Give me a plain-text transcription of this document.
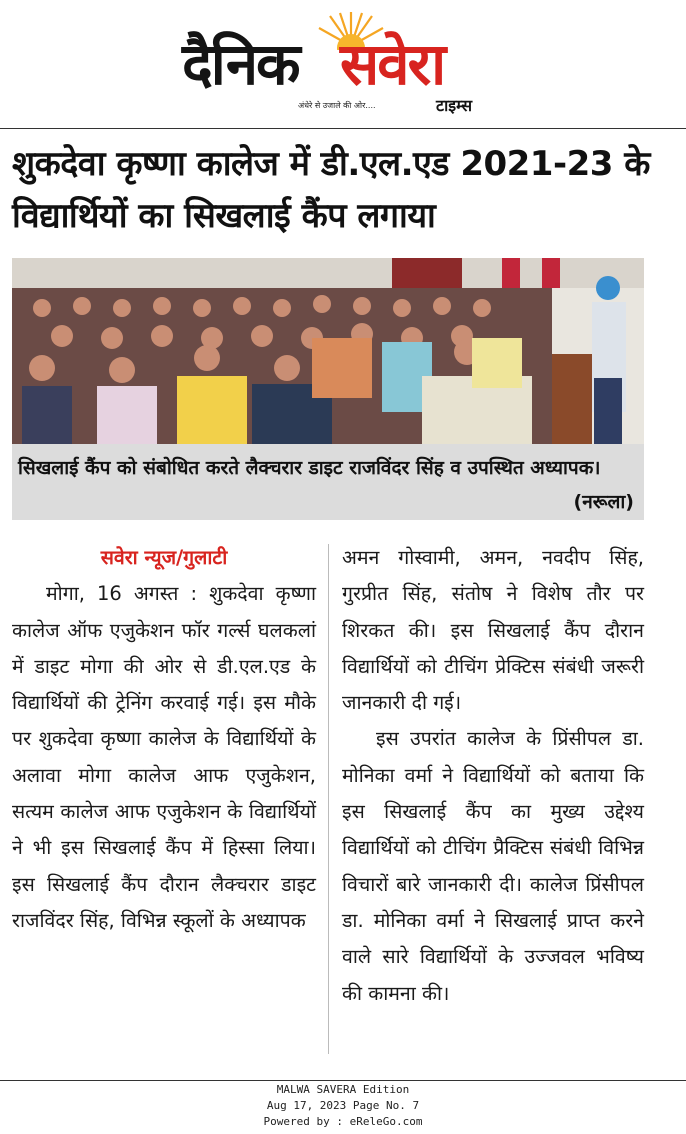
दैनिक सवेरा
अंधेरे से उजाले की ओर....	टाइम्स
शुकदेवा कृष्णा कालेज में डी.एल.एड 2021-23 के विद्यार्थियों का सिखलाई कैंप लगाया
सिखलाई कैंप को संबोधित करते लैक्चरार डाइट राजविंदर सिंह व उपस्थित अध्यापक।
(नरूला)

सवेरा न्यूज/गुलाटी

मोगा, 16 अगस्त : शुकदेवा कृष्णा कालेज ऑफ एजुकेशन फॉर गर्ल्स घलकलां में डाइट मोगा की ओर से डी.एल.एड के विद्यार्थियों की ट्रेनिंग करवाई गई। इस मौके पर शुकदेवा कृष्णा कालेज के विद्यार्थियों के अलावा मोगा कालेज आफ एजुकेशन, सत्यम कालेज आफ एजुकेशन के विद्यार्थियों ने भी इस सिखलाई कैंप में हिस्सा लिया। इस सिखलाई कैंप दौरान लैक्चरार डाइट राजविंदर सिंह, विभिन्न स्कूलों के अध्यापक

अमन गोस्वामी, अमन, नवदीप सिंह, गुरप्रीत सिंह, संतोष ने विशेष तौर पर शिरकत की। इस सिखलाई कैंप दौरान विद्यार्थियों को टीचिंग प्रेक्टिस संबंधी जरूरी जानकारी दी गई।

इस उपरांत कालेज के प्रिंसीपल डा. मोनिका वर्मा ने विद्यार्थियों को बताया कि इस सिखलाई कैंप का मुख्य उद्देश्य विद्यार्थियों को टीचिंग प्रैक्टिस संबंधी विभिन्न विचारों बारे जानकारी दी। कालेज प्रिंसीपल डा. मोनिका वर्मा ने सिखलाई प्राप्त करने वाले सारे विद्यार्थियों के उज्जवल भविष्य की कामना की।

MALWA SAVERA Edition
Aug 17, 2023 Page No. 7
Powered by : eReleGo.com
